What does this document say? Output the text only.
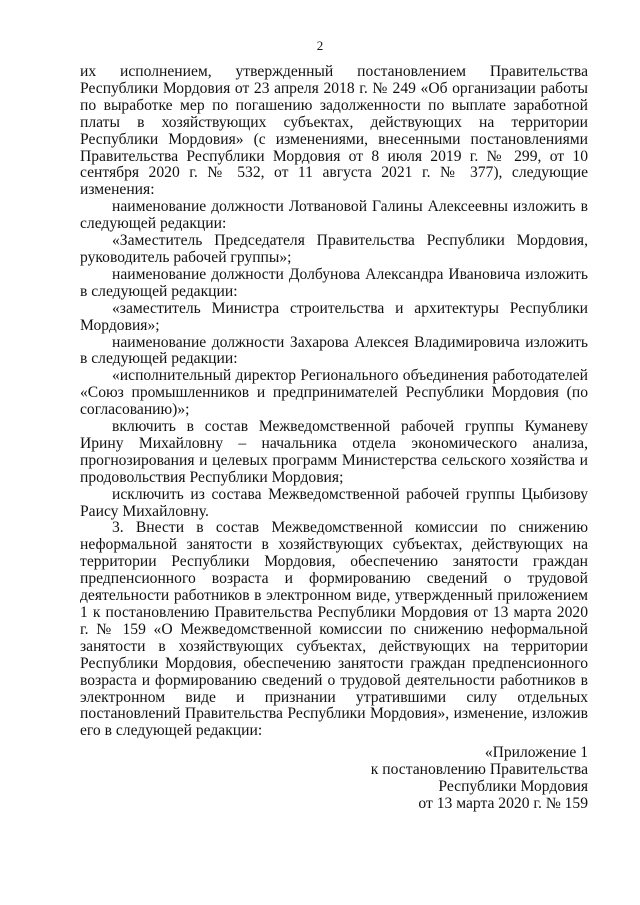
2

их исполнением, утвержденный постановлением Правительства Республики Мордовия от 23 апреля 2018 г. № 249 «Об организации работы по выработке мер по погашению задолженности по выплате заработной платы в хозяйствующих субъектах, действующих на территории Республики Мордовия» (с изменениями, внесенными постановлениями Правительства Республики Мордовия от 8 июля 2019 г. № 299, от 10 сентября 2020 г. № 532, от 11 августа 2021 г. № 377), следующие изменения:

наименование должности Лотвановой Галины Алексеевны изложить в следующей редакции:

«Заместитель Председателя Правительства Республики Мордовия, руководитель рабочей группы»;

наименование должности Долбунова Александра Ивановича изложить в следующей редакции:

«заместитель Министра строительства и архитектуры Республики Мордовия»;

наименование должности Захарова Алексея Владимировича изложить в следующей редакции:

«исполнительный директор Регионального объединения работодателей «Союз промышленников и предпринимателей Республики Мордовия (по согласованию)»;

включить в состав Межведомственной рабочей группы Куманеву Ирину Михайловну – начальника отдела экономического анализа, прогнозирования и целевых программ Министерства сельского хозяйства и продовольствия Республики Мордовия;

исключить из состава Межведомственной рабочей группы Цыбизову Раису Михайловну.

3. Внести в состав Межведомственной комиссии по снижению неформальной занятости в хозяйствующих субъектах, действующих на территории Республики Мордовия, обеспечению занятости граждан предпенсионного возраста и формированию сведений о трудовой деятельности работников в электронном виде, утвержденный приложением 1 к постановлению Правительства Республики Мордовия от 13 марта 2020 г. № 159 «О Межведомственной комиссии по снижению неформальной занятости в хозяйствующих субъектах, действующих на территории Республики Мордовия, обеспечению занятости граждан предпенсионного возраста и формированию сведений о трудовой деятельности работников в электронном виде и признании утратившими силу отдельных постановлений Правительства Республики Мордовия», изменение, изложив его в следующей редакции:

«Приложение 1
к постановлению Правительства
Республики Мордовия
от 13 марта 2020 г. № 159
